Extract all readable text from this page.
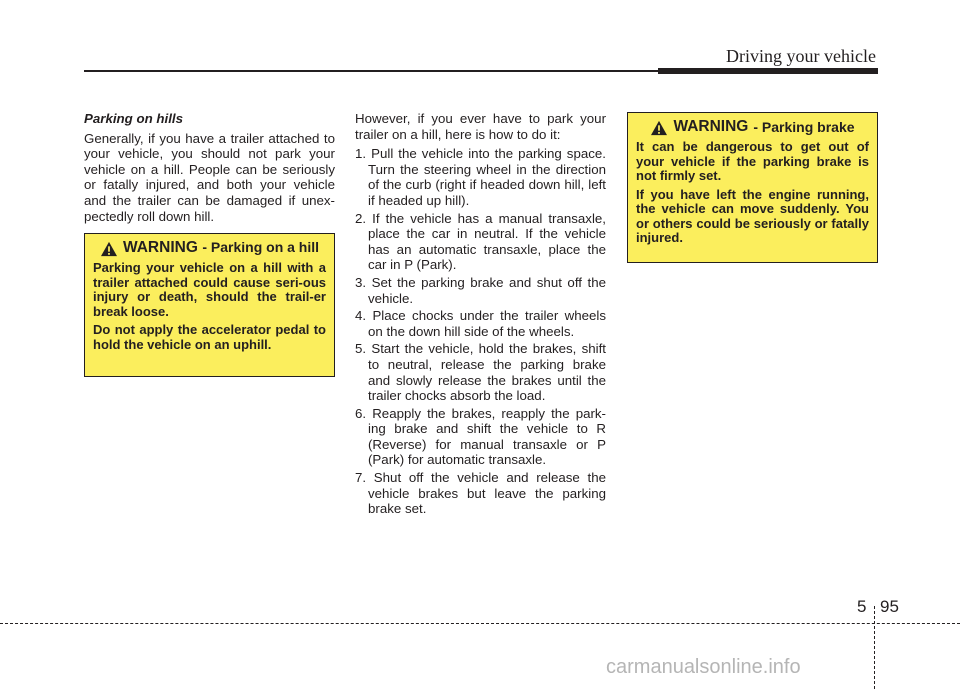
Driving your vehicle

Parking on hills

Generally, if you have a trailer attached to your vehicle, you should not park your vehicle on a hill. People can be seriously or fatally injured, and both your vehicle and the trailer can be damaged if unex-pectedly roll down hill.

WARNING - Parking on a hill

Parking your vehicle on a hill with a trailer attached could cause seri-ous injury or death, should the trail-er break loose.

Do not apply the accelerator pedal to hold the vehicle on an uphill.

However, if you ever have to park your trailer on a hill, here is how to do it:

1. Pull the vehicle into the parking space. Turn the steering wheel in the direction of the curb (right if headed down hill, left if headed up hill).
2. If the vehicle has a manual transaxle, place the car in neutral. If the vehicle has an automatic transaxle, place the car in P (Park).
3. Set the parking brake and shut off the vehicle.
4. Place chocks under the trailer wheels on the down hill side of the wheels.
5. Start the vehicle, hold the brakes, shift to neutral, release the parking brake and slowly release the brakes until the trailer chocks absorb the load.
6. Reapply the brakes, reapply the park-ing brake and shift the vehicle to R (Reverse) for manual transaxle or P (Park) for automatic transaxle.
7. Shut off the vehicle and release the vehicle brakes but leave the parking brake set.
WARNING - Parking brake

It can be dangerous to get out of your vehicle if the parking brake is not firmly set.

If you have left the engine running, the vehicle can move suddenly. You or others could be seriously or fatally injured.

5 95
carmanualsonline.info
